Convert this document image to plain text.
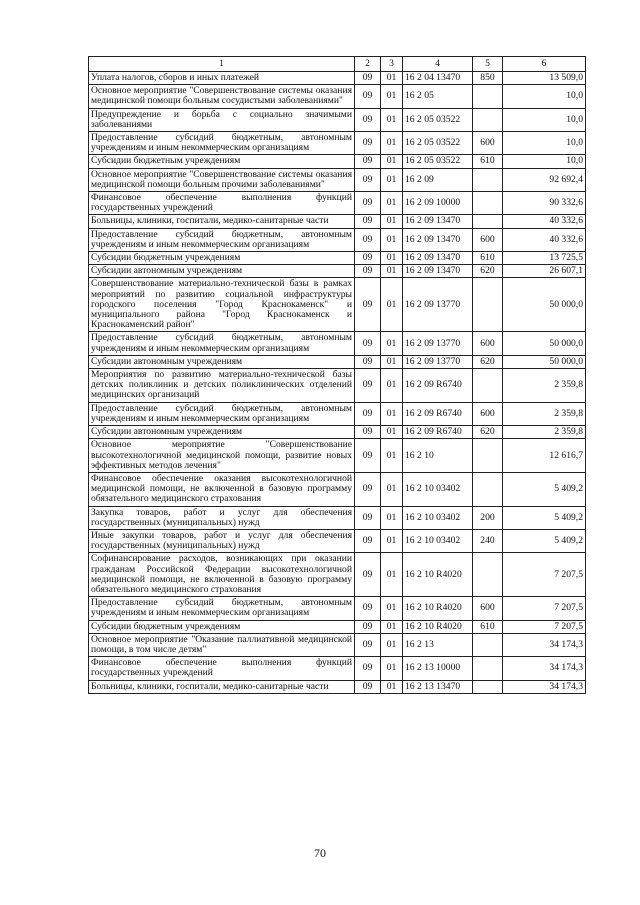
1	2	3	4	5	6
Уплата налогов, сборов и иных платежей	09	01	16 2 04 13470	850	13 509,0
Основное мероприятие "Совершенствование системы оказания медицинской помощи больным сосудистыми заболеваниями"	09	01	16 2 05		10,0
Предупреждение и борьба с социально значимыми заболеваниями	09	01	16 2 05 03522		10,0
Предоставление субсидий бюджетным, автономным учреждениям и иным некоммерческим организациям	09	01	16 2 05 03522	600	10,0
Субсидии бюджетным учреждениям	09	01	16 2 05 03522	610	10,0
Основное мероприятие "Совершенствование системы оказания медицинской помощи больным прочими заболеваниями"	09	01	16 2 09		92 692,4
Финансовое обеспечение выполнения функций государственных учреждений	09	01	16 2 09 10000		90 332,6
Больницы, клиники, госпитали, медико-санитарные части	09	01	16 2 09 13470		40 332,6
Предоставление субсидий бюджетным, автономным учреждениям и иным некоммерческим организациям	09	01	16 2 09 13470	600	40 332,6
Субсидии бюджетным учреждениям	09	01	16 2 09 13470	610	13 725,5
Субсидии автономным учреждениям	09	01	16 2 09 13470	620	26 607,1
Совершенствование материально-технической базы в рамках мероприятий по развитию социальной инфраструктуры городского поселения "Город Краснокаменск" и муниципального района "Город Краснокаменск и Краснокаменский район"	09	01	16 2 09 13770		50 000,0
Предоставление субсидий бюджетным, автономным учреждениям и иным некоммерческим организациям	09	01	16 2 09 13770	600	50 000,0
Субсидии автономным учреждениям	09	01	16 2 09 13770	620	50 000,0
Мероприятия по развитию материально-технической базы детских поликлиник и детских поликлинических отделений медицинских организаций	09	01	16 2 09 R6740		2 359,8
Предоставление субсидий бюджетным, автономным учреждениям и иным некоммерческим организациям	09	01	16 2 09 R6740	600	2 359,8
Субсидии автономным учреждениям	09	01	16 2 09 R6740	620	2 359,8
Основное мероприятие "Совершенствование высокотехнологичной медицинской помощи, развитие новых эффективных методов лечения"	09	01	16 2 10		12 616,7
Финансовое обеспечение оказания высокотехнологичной медицинской помощи, не включенной в базовую программу обязательного медицинского страхования	09	01	16 2 10 03402		5 409,2
Закупка товаров, работ и услуг для обеспечения государственных (муниципальных) нужд	09	01	16 2 10 03402	200	5 409,2
Иные закупки товаров, работ и услуг для обеспечения государственных (муниципальных) нужд	09	01	16 2 10 03402	240	5 409,2
Софинансирование расходов, возникающих при оказании гражданам Российской Федерации высокотехнологичной медицинской помощи, не включенной в базовую программу обязательного медицинского страхования	09	01	16 2 10 R4020		7 207,5
Предоставление субсидий бюджетным, автономным учреждениям и иным некоммерческим организациям	09	01	16 2 10 R4020	600	7 207,5
Субсидии бюджетным учреждениям	09	01	16 2 10 R4020	610	7 207,5
Основное мероприятие "Оказание паллиативной медицинской помощи, в том числе детям"	09	01	16 2 13		34 174,3
Финансовое обеспечение выполнения функций государственных учреждений	09	01	16 2 13 10000		34 174,3
Больницы, клиники, госпитали, медико-санитарные части	09	01	16 2 13 13470		34 174,3
70
